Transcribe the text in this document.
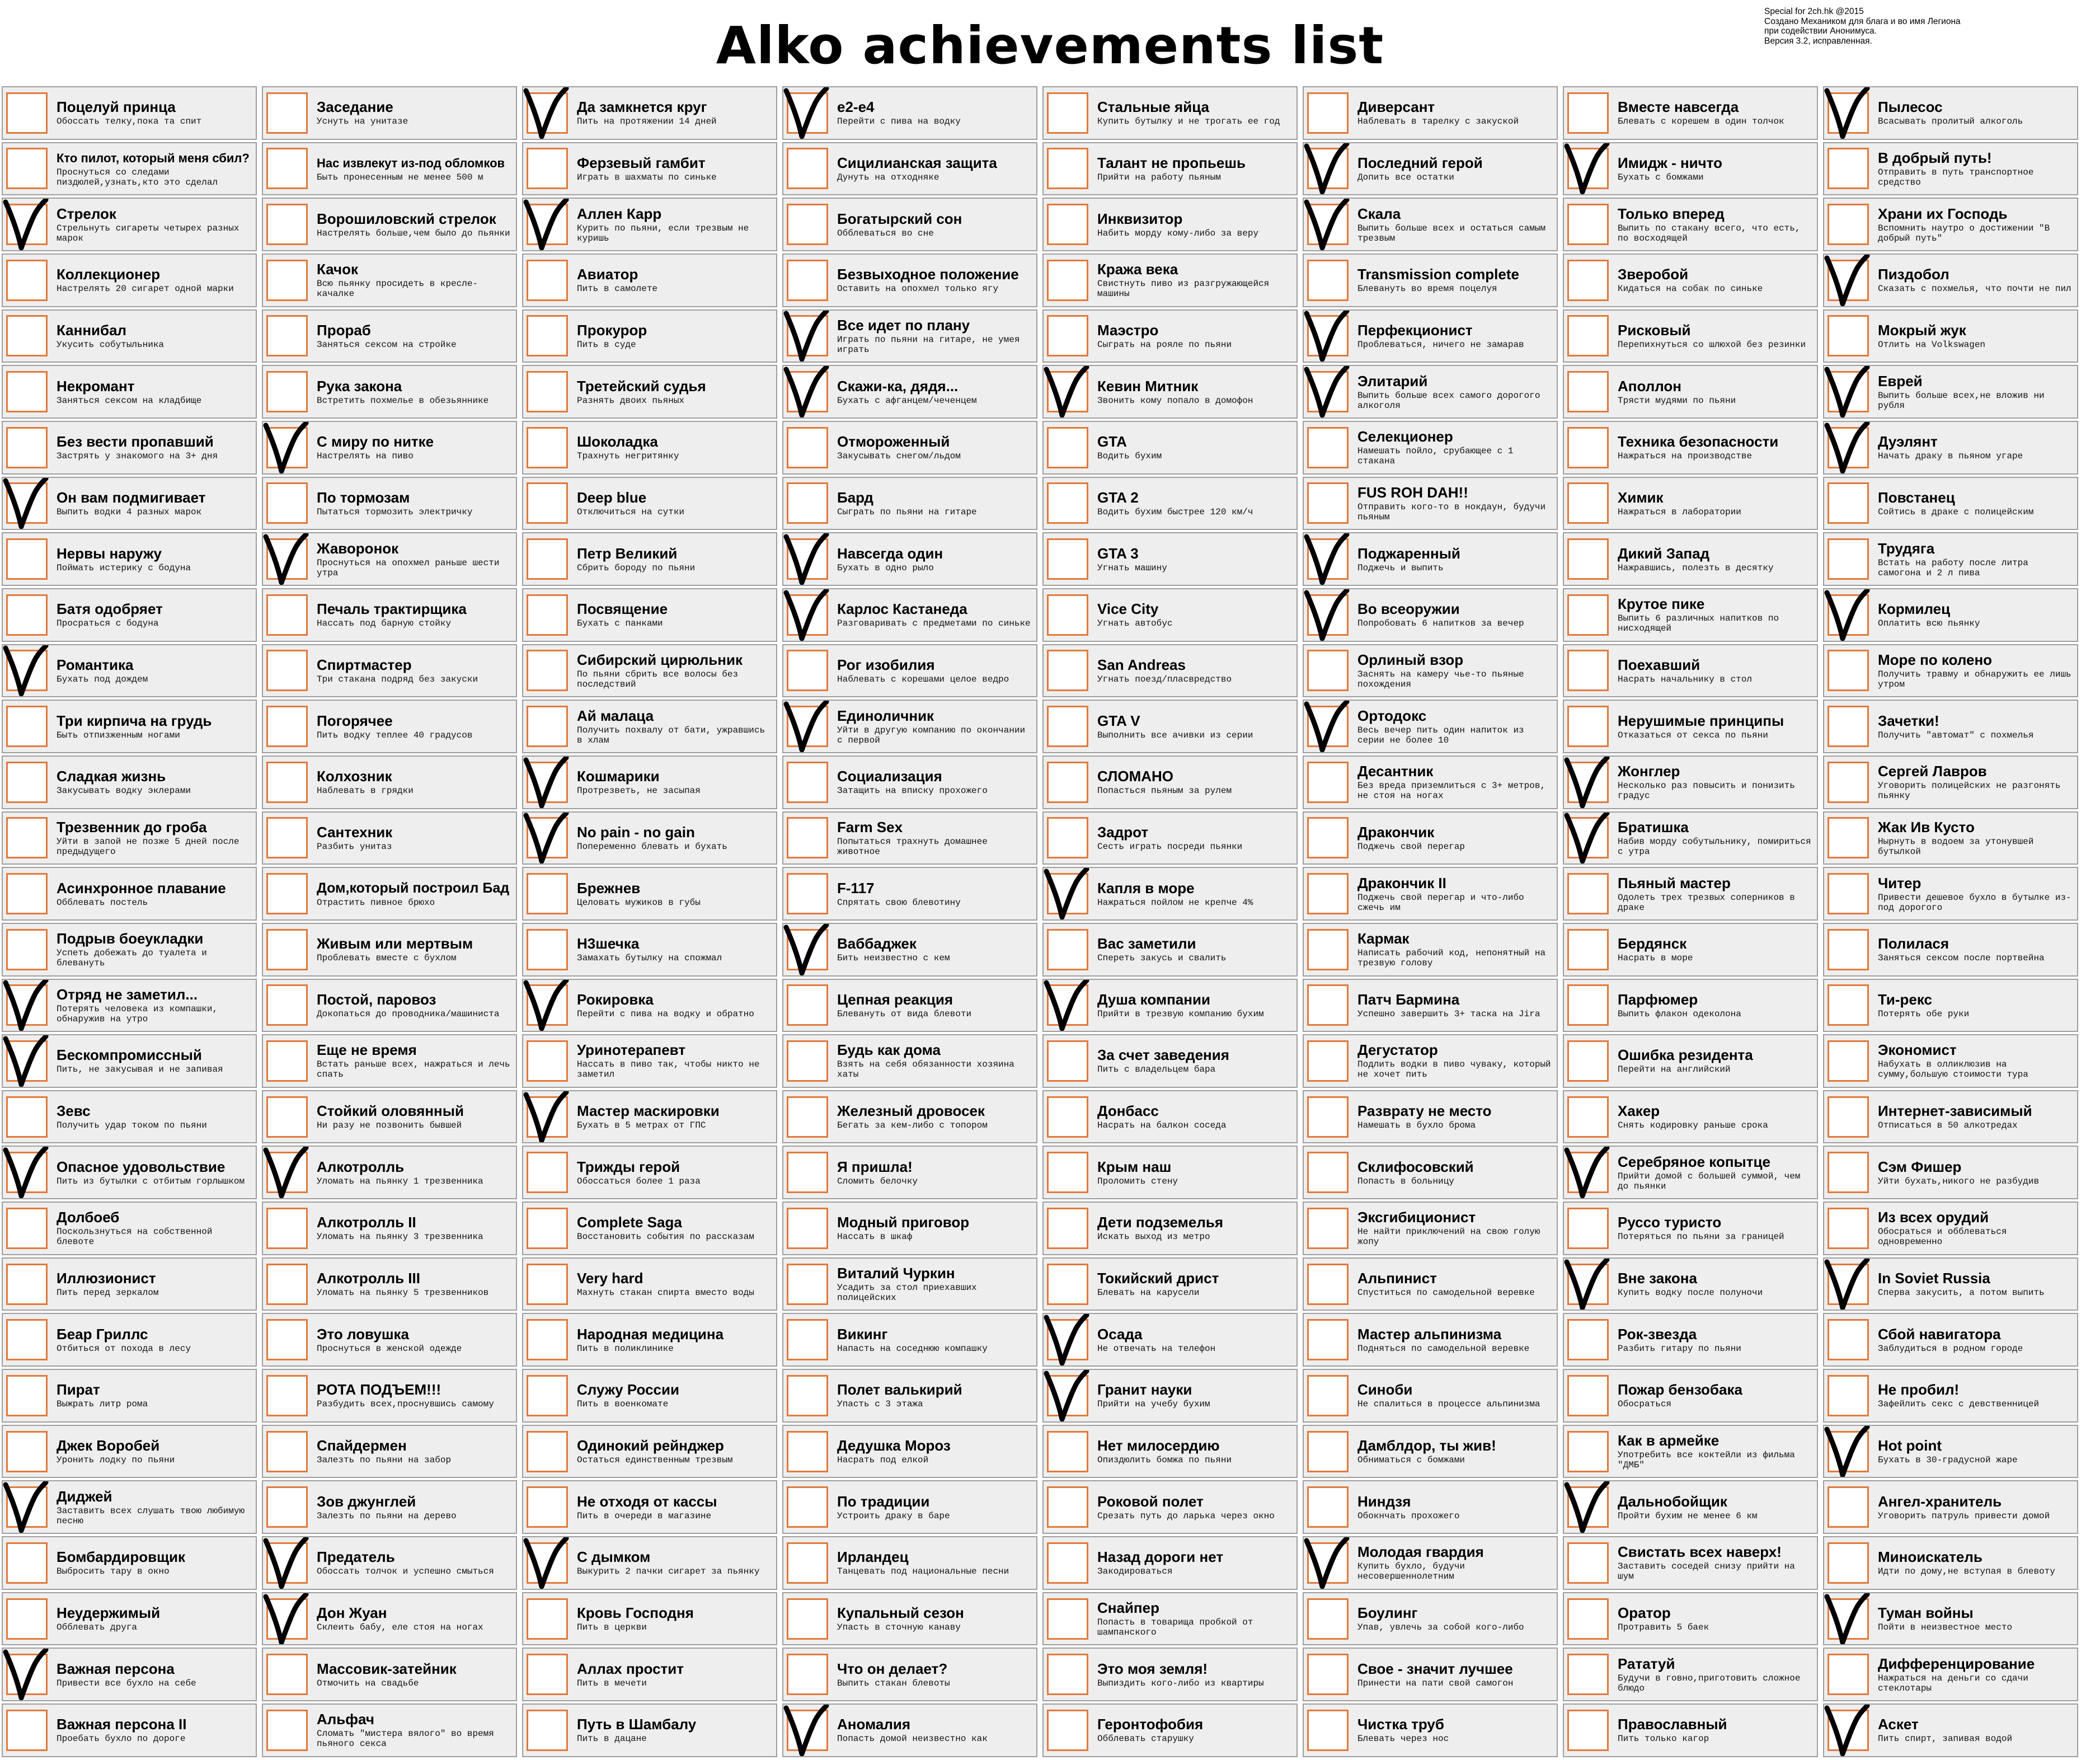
Alko achievements list
Special for 2ch.hk @2015
Создано Механиком для блага и во имя Легиона
при содействии Анонимуса.
Версия 3.2, исправленная.
Поцелуй принца
Обоссать телку,пока та спит
Кто пилот, который меня сбил?
Проснуться со следами пиздюлей,узнать,кто это сделал
Стрелок
Стрельнуть сигареты четырех разных марок
Коллекционер
Настрелять 20 сигарет одной марки
Каннибал
Укусить собутыльника
Некромант
Заняться сексом на кладбище
Без вести пропавший
Застрять у знакомого на 3+ дня
Он вам подмигивает
Выпить водки 4 разных марок
Нервы наружу
Поймать истерику с бодуна
Батя одобряет
Просраться с бодуна
Романтика
Бухать под дождем
Три кирпича на грудь
Быть отпизженным ногами
Сладкая жизнь
Закусывать водку эклерами
Трезвенник до гроба
Уйти в запой не позже 5 дней после предыдущего
Асинхронное плавание
Обблевать постель
Подрыв боеукладки
Успеть добежать до туалета и блевануть
Отряд не заметил...
Потерять человека из компашки, обнаружив на утро
Бескомпромиссный
Пить, не закусывая и не запивая
Зевс
Получить удар током по пьяни
Опасное удовольствие
Пить из бутылки с отбитым горлышком
Долбоеб
Поскользнуться на собственной блевоте
Иллюзионист
Пить перед зеркалом
Беар Гриллс
Отбиться от похода в лесу
Пират
Выжрать литр рома
Джек Воробей
Уронить лодку по пьяни
Диджей
Заставить всех слушать твою любимую песню
Бомбардировщик
Выбросить тару в окно
Неудержимый
Обблевать друга
Важная персона
Привести все бухло на себе
Важная персона II
Проебать бухло по дороге
Заседание
Уснуть на унитазе
Нас извлекут из-под обломков
Быть пронесенным не менее 500 м
Ворошиловский стрелок
Настрелять больше,чем было до пьянки
Качок
Всю пьянку просидеть в кресле-качалке
Прораб
Заняться сексом на стройке
Рука закона
Встретить похмелье в обезьяннике
С миру по нитке
Настрелять на пиво
По тормозам
Пытаться тормозить электричку
Жаворонок
Проснуться на опохмел раньше шести утра
Печаль трактирщика
Нассать под барную стойку
Спиртмастер
Три стакана подряд без закуски
Погорячее
Пить водку теплее 40 градусов
Колхозник
Наблевать в грядки
Сантехник
Разбить унитаз
Дом,который построил Бад
Отрастить пивное брюхо
Живым или мертвым
Проблевать вместе с бухлом
Постой, паровоз
Докопаться до проводника/машиниста
Еще не время
Встать раньше всех, нажраться и лечь спать
Стойкий оловянный
Ни разу не позвонить бывшей
Алкотролль
Уломать на пьянку 1 трезвенника
Алкотролль II
Уломать на пьянку 3 трезвенника
Алкотролль III
Уломать на пьянку 5 трезвенников
Это ловушка
Проснуться в женской одежде
РОТА ПОДЪЕМ!!!
Разбудить всех,проснувшись самому
Спайдермен
Залезть по пьяни на забор
Зов джунглей
Залезть по пьяни на дерево
Предатель
Обоссать толчок и успешно смыться
Дон Жуан
Склеить бабу, еле стоя на ногах
Массовик-затейник
Отмочить на свадьбе
Альфач
Сломать "мистера вялого" во время пьяного секса
Да замкнется круг
Пить на протяжении 14 дней
Ферзевый гамбит
Играть в шахматы по синьке
Аллен Карр
Курить по пьяни, если трезвым не куришь
Авиатор
Пить в самолете
Прокурор
Пить в суде
Третейский судья
Разнять двоих пьяных
Шоколадка
Трахнуть негритянку
Deep blue
Отключиться на сутки
Петр Великий
Сбрить бороду по пьяни
Посвящение
Бухать с панками
Сибирский цирюльник
По пьяни сбрить все волосы без последствий
Ай малаца
Получить похвалу от бати, ужравшись в хлам
Кошмарики
Протрезветь, не засыпая
No pain - no gain
Попеременно блевать и бухать
Брежнев
Целовать мужиков в губы
Н3шечка
Замахать бутылку на спожмал
Рокировка
Перейти с пива на водку и обратно
Уринотерапевт
Нассать в пиво так, чтобы никто не заметил
Мастер маскировки
Бухать в 5 метрах от ГПС
Трижды герой
Обоссаться более 1 раза
Complete Saga
Восстановить события по рассказам
Very hard
Махнуть стакан спирта вместо воды
Народная медицина
Пить в поликлинике
Служу России
Пить в военкомате
Одинокий рейнджер
Остаться единственным трезвым
Не отходя от кассы
Пить в очереди в магазине
С дымком
Выкурить 2 пачки сигарет за пьянку
Кровь Господня
Пить в церкви
Аллах простит
Пить в мечети
Путь в Шамбалу
Пить в дацане
e2-e4
Перейти с пива на водку
Сицилианская защита
Дунуть на отходняке
Богатырский сон
Обблеваться во сне
Безвыходное положение
Оставить на опохмел только ягу
Все идет по плану
Играть по пьяни на гитаре, не умея играть
Скажи-ка, дядя...
Бухать с афганцем/чеченцем
Отмороженный
Закусывать снегом/льдом
Бард
Сыграть по пьяни на гитаре
Навсегда один
Бухать в одно рыло
Карлос Кастанеда
Разговаривать с предметами по синьке
Рог изобилия
Наблевать с корешами целое ведро
Единоличник
Уйти в другую компанию по окончании с первой
Социализация
Затащить на вписку прохожего
Farm Sex
Попытаться трахнуть домашнее животное
F-117
Спрятать свою блевотину
Ваббаджек
Бить неизвестно с кем
Цепная реакция
Блевануть от вида блевоти
Будь как дома
Взять на себя обязанности хозяина хаты
Железный дровосек
Бегать за кем-либо с топором
Я пришла!
Сломить белочку
Модный приговор
Нассать в шкаф
Виталий Чуркин
Усадить за стол приехавших полицейских
Викинг
Напасть на соседнюю компашку
Полет валькирий
Упасть с 3 этажа
Дедушка Мороз
Насрать под елкой
По традиции
Устроить драку в баре
Ирландец
Танцевать под национальные песни
Купальный сезон
Упасть в сточную канаву
Что он делает?
Выпить стакан блевоты
Аномалия
Попасть домой неизвестно как
Стальные яйца
Купить бутылку и не трогать ее год
Талант не пропьешь
Прийти на работу пьяным
Инквизитор
Набить морду кому-либо за веру
Кража века
Свистнуть пиво из разгружающейся машины
Маэстро
Сыграть на рояле по пьяни
Кевин Митник
Звонить кому попало в домофон
GTA
Водить бухим
GTA 2
Водить бухим быстрее 120 км/ч
GTA 3
Угнать машину
Vice City
Угнать автобус
San Andreas
Угнать поезд/пласвредство
GTA V
Выполнить все ачивки из серии
СЛОМАНО
Попасться пьяным за рулем
Задрот
Сесть играть посреди пьянки
Капля в море
Нажраться пойлом не крепче 4%
Вас заметили
Спереть закусь и свалить
Душа компании
Прийти в трезвую компанию бухим
За счет заведения
Пить с владельцем бара
Донбасс
Насрать на балкон соседа
Крым наш
Проломить стену
Дети подземелья
Искать выход из метро
Токийский дрист
Блевать на карусели
Осада
Не отвечать на телефон
Гранит науки
Прийти на учебу бухим
Нет милосердию
Опиздюлить бомжа по пьяни
Роковой полет
Срезать путь до ларька через окно
Назад дороги нет
Закодироваться
Снайпер
Попасть в товарища пробкой от шампанского
Это моя земля!
Выпиздить кого-либо из квартиры
Геронтофобия
Обблевать старушку
Диверсант
Наблевать в тарелку с закуской
Последний герой
Допить все остатки
Скала
Выпить больше всех и остаться самым трезвым
Transmission complete
Блевануть во время поцелуя
Перфекционист
Проблеваться, ничего не замарав
Элитарий
Выпить больше всех самого дорогого алкоголя
Селекционер
Намешать пойло, срубающее с 1 стакана
FUS ROH DAH!!
Отправить кого-то в нокдаун, будучи пьяным
Поджаренный
Поджечь и выпить
Во всеоружии
Попробовать 6 напитков за вечер
Орлиный взор
Заснять на камеру чье-то пьяные похождения
Ортодокс
Весь вечер пить один напиток из серии не более 10
Десантник
Без вреда приземлиться с 3+ метров, не стоя на ногах
Дракончик
Поджечь свой перегар
Дракончик II
Поджечь свой перегар и что-либо сжечь им
Кармак
Написать рабочий код, непонятный на трезвую голову
Патч Бармина
Успешно завершить 3+ таска на Jira
Дегустатор
Подлить водки в пиво чуваку, который не хочет пить
Разврату не место
Намешать в бухло брома
Склифосовский
Попасть в больницу
Эксгибиционист
Не найти приключений на свою голую жопу
Альпинист
Спуститься по самодельной веревке
Мастер альпинизма
Подняться по самодельной веревке
Синоби
Не спалиться в процессе альпинизма
Дамблдор, ты жив!
Обниматься с бомжами
Ниндзя
Обокнчать прохожего
Молодая гвардия
Купить бухло, будучи несовершеннолетним
Боулинг
Упав, увлечь за собой кого-либо
Свое - значит лучшее
Принести на пати свой самогон
Чистка труб
Блевать через нос
Вместе навсегда
Блевать с корешем в один толчок
Имидж - ничто
Бухать с бомжами
Только вперед
Выпить по стакану всего, что есть, по восходящей
Зверобой
Кидаться на собак по синьке
Рисковый
Перепихнуться со шлюхой без резинки
Аполлон
Трясти мудями по пьяни
Техника безопасности
Нажраться на производстве
Химик
Нажраться в лаборатории
Дикий Запад
Нажравшись, полезть в десятку
Крутое пике
Выпить 6 различных напитков по нисходящей
Поехавший
Насрать начальнику в стол
Нерушимые принципы
Отказаться от секса по пьяни
Жонглер
Несколько раз повысить и понизить градус
Братишка
Набив морду собутыльнику, помириться с утра
Пьяный мастер
Одолеть трех трезвых соперников в драке
Бердянск
Насрать в море
Парфюмер
Выпить флакон одеколона
Ошибка резидента
Перейти на английский
Хакер
Снять кодировку раньше срока
Серебряное копытце
Прийти домой с большей суммой, чем до пьянки
Руссо туристо
Потеряться по пьяни за границей
Вне закона
Купить водку после полуночи
Рок-звезда
Разбить гитару по пьяни
Пожар бензобака
Обосраться
Как в армейке
Употребить все коктейли из фильма "ДМБ"
Дальнобойщик
Пройти бухим не менее 6 км
Свистать всех наверх!
Заставить соседей снизу прийти на шум
Оратор
Протравить 5 баек
Рататуй
Будучи в говно,приготовить сложное блюдо
Православный
Пить только кагор
Пылесос
Всасывать пролитый алкоголь
В добрый путь!
Отправить в путь транспортное средство
Храни их Господь
Вспомнить наутро о достижении "В добрый путь"
Пиздобол
Сказать с похмелья, что почти не пил
Мокрый жук
Отлить на Volkswagen
Еврей
Выпить больше всех,не вложив ни рубля
Дуэлянт
Начать драку в пьяном угаре
Повстанец
Сойтись в драке с полицейским
Трудяга
Встать на работу после литра самогона и 2 л пива
Кормилец
Оплатить всю пьянку
Море по колено
Получить травму и обнаружить ее лишь утром
Зачетки!
Получить "автомат" с похмелья
Сергей Лавров
Уговорить полицейских не разгонять пьянку
Жак Ив Кусто
Нырнуть в водоем за утонувшей бутылкой
Читер
Привести дешевое бухло в бутылке из-под дорогого
Полилася
Заняться сексом после портвейна
Ти-рекс
Потерять обе руки
Экономист
Набухать в олликлюзив на сумму,большую стоимости тура
Интернет-зависимый
Отписаться в 50 алкотредах
Сэм Фишер
Уйти бухать,никого не разбудив
Из всех орудий
Обосраться и обблеваться одновременно
In Soviet Russia
Сперва закусить, а потом выпить
Сбой навигатора
Заблудиться в родном городе
Не пробил!
Зафейлить секс с девственницей
Hot point
Бухать в 30-градусной жаре
Ангел-хранитель
Уговорить патруль привести домой
Миноискатель
Идти по дому,не вступая в блевоту
Туман войны
Пойти в неизвестное место
Дифференцирование
Нажраться на деньги со сдачи стеклотары
Аскет
Пить спирт, запивая водой
